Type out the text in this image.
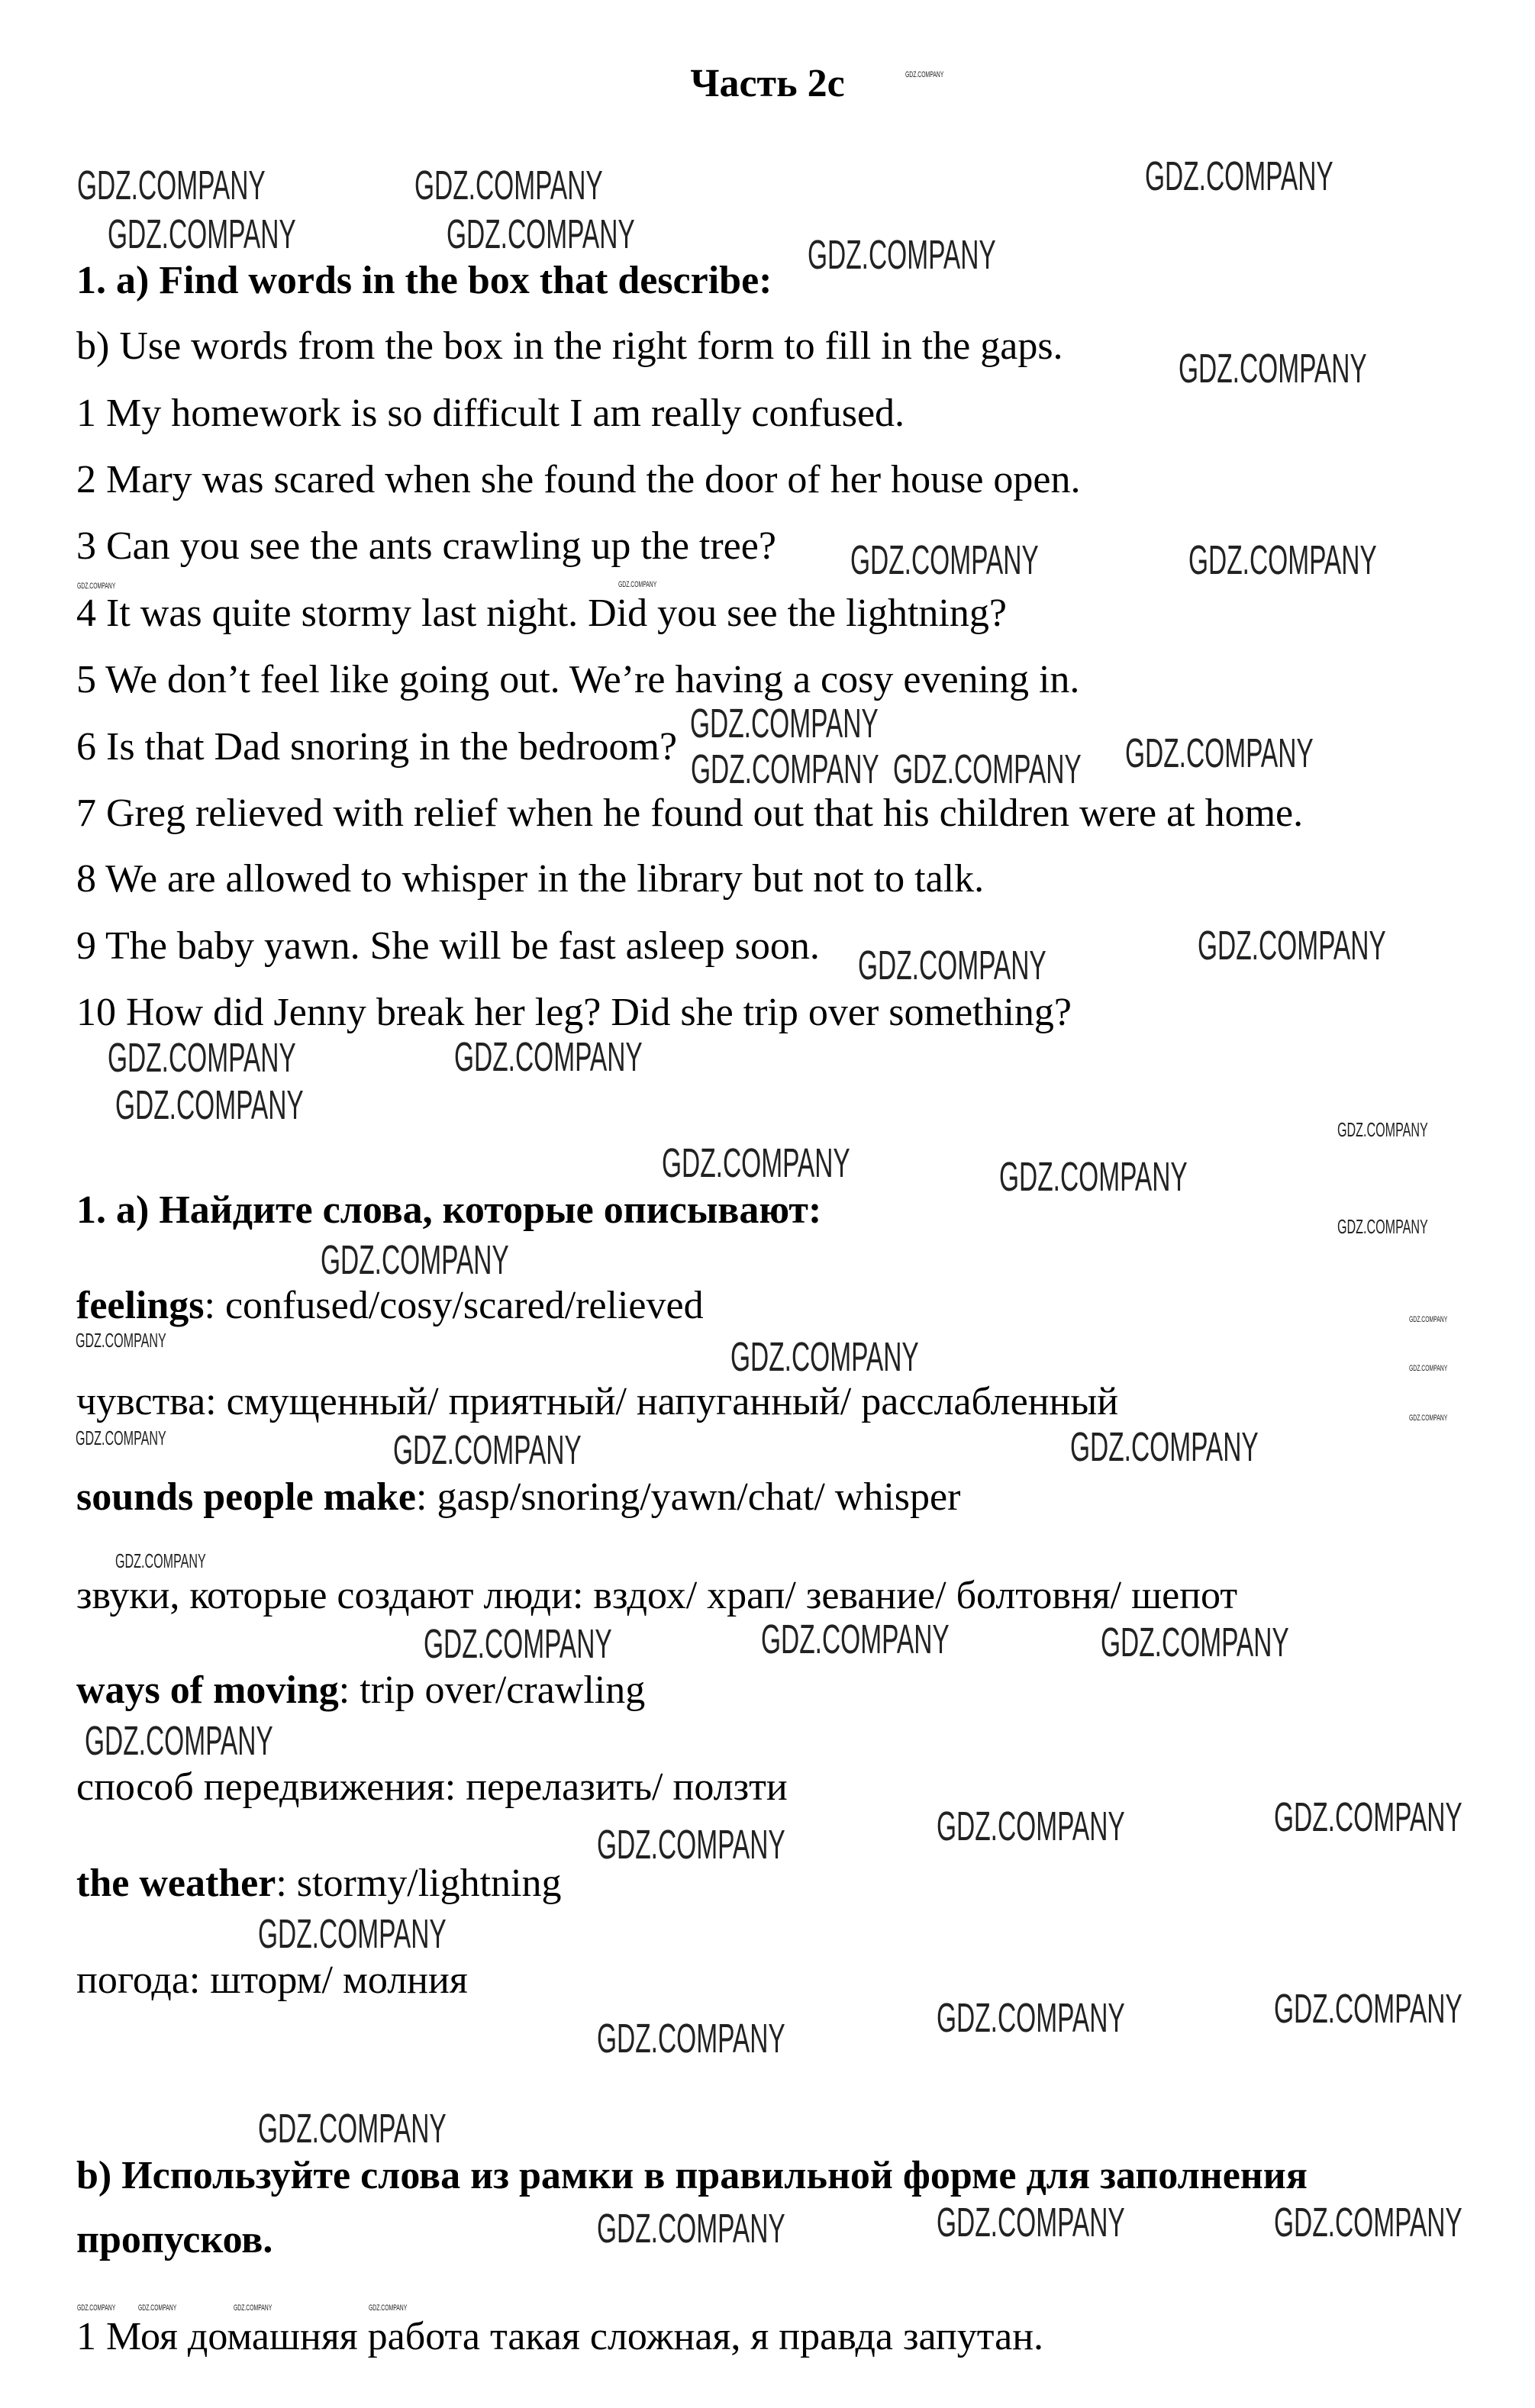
Часть 2с
1. a) Find words in the box that describe:
b) Use words from the box in the right form to fill in the gaps.
1 My homework is so difficult I am really confused.
2 Mary was scared when she found the door of her house open.
3 Can you see the ants crawling up the tree?
4 It was quite stormy last night. Did you see the lightning?
5 We don’t feel like going out. We’re having a cosy evening in.
6 Is that Dad snoring in the bedroom?
7 Greg relieved with relief when he found out that his children were at home.
8 We are allowed to whisper in the library but not to talk.
9 The baby yawn. She will be fast asleep soon.
10 How did Jenny break her leg? Did she trip over something?
1. а) Найдите слова, которые описывают:
feelings: confused/cosy/scared/relieved
чувства: смущенный/ приятный/ напуганный/ расслабленный
sounds people make: gasp/snoring/yawn/chat/ whisper
звуки, которые создают люди: вздох/ храп/ зевание/ болтовня/ шепот
ways of moving: trip over/crawling
способ передвижения: перелазить/ ползти
the weather: stormy/lightning
погода: шторм/ молния
b) Используйте слова из рамки в правильной форме для заполнения
пропусков.
1 Моя домашняя работа такая сложная, я правда запутан.
GDZ.COMPANY	GDZ.COMPANY	GDZ.COMPANY
GDZ.COMPANY
GDZ.COMPANY	GDZ.COMPANY
GDZ.COMPANY
GDZ.COMPANY	GDZ.COMPANY
GDZ.COMPANY
GDZ.COMPANY
GDZ.COMPANY GDZ.COMPANY GDZ.COMPANY
GDZ.COMPANY
GDZ.COMPANY
GDZ.COMPANY
GDZ.COMPANY
GDZ.COMPANY	GDZ.COMPANY
GDZ.COMPANY
GDZ.COMPANY
GDZ.COMPANY
GDZ.COMPANY
GDZ.COMPANY	GDZ.COMPANY
GDZ.COMPANY
GDZ.COMPANY
GDZ.COMPANY	GDZ.COMPANY	GDZ.COMPANY
GDZ.COMPANY
GDZ.COMPANY	GDZ.COMPANY	GDZ.COMPANY
GDZ.COMPANY
GDZ.COMPANY	GDZ.COMPANY	GDZ.COMPANY
GDZ.COMPANY
GDZ.COMPANY
GDZ.COMPANY
GDZ.COMPANY
GDZ.COMPANY
GDZ.COMPANY
GDZ.COMPANY	GDZ.COMPANY
GDZ.COMPANY
GDZ.COMPANY
GDZ.COMPANY
GDZ.COMPANY	GDZ.COMPANY	GDZ.COMPANY	GDZ.COMPANY
